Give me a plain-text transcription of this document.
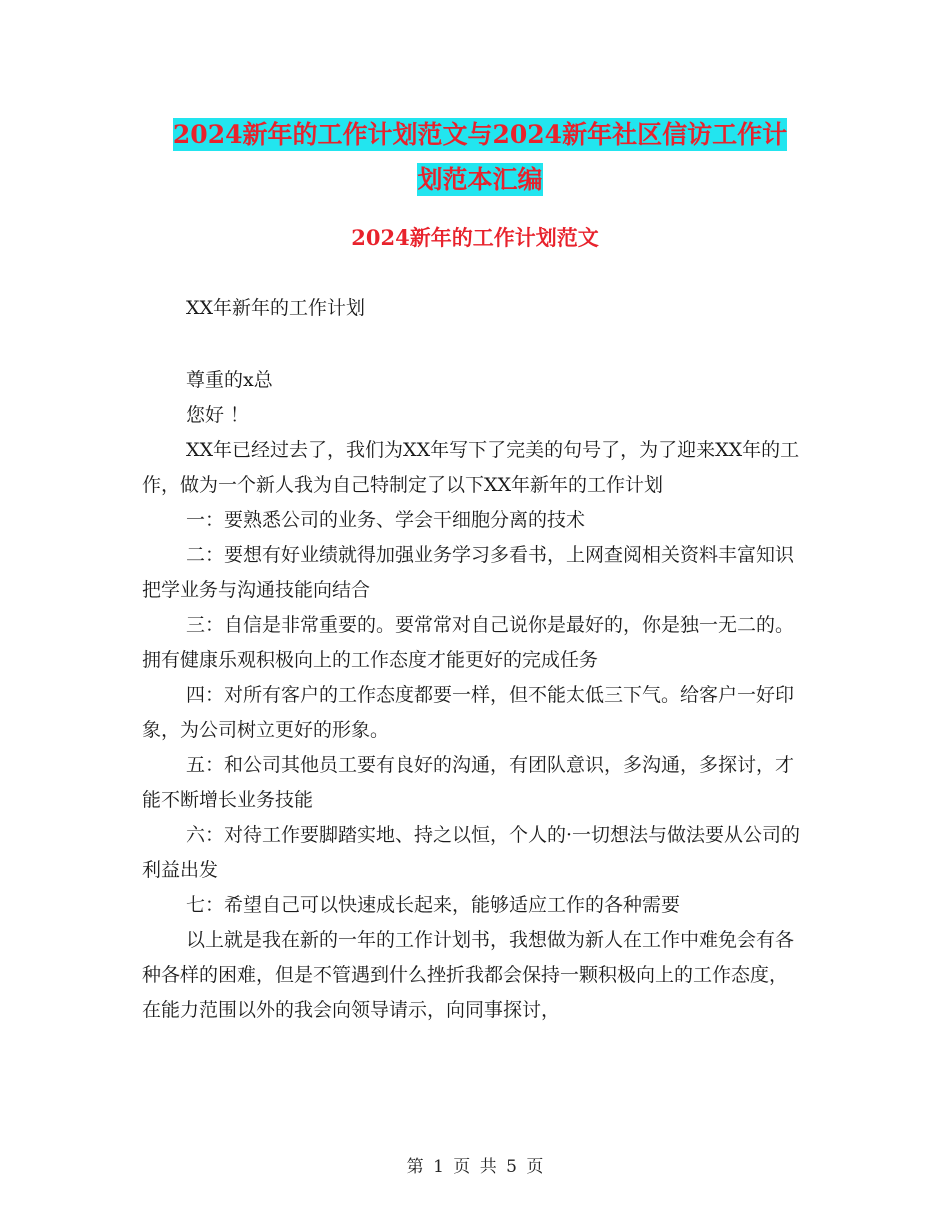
2024新年的工作计划范文与2024新年社区信访工作计
划范本汇编
2024新年的工作计划范文

XX年新年的工作计划

尊重的x总

您好 ！

XX年已经过去了，我们为XX年写下了完美的句号了，为了迎来XX年的工作，做为一个新人我为自己特制定了以下XX年新年的工作计划

一：要熟悉公司的业务、学会干细胞分离的技术

二：要想有好业绩就得加强业务学习多看书，上网查阅相关资料丰富知识把学业务与沟通技能向结合

三：自信是非常重要的。要常常对自己说你是最好的，你是独一无二的。拥有健康乐观积极向上的工作态度才能更好的完成任务

四：对所有客户的工作态度都要一样，但不能太低三下气。给客户一好印象，为公司树立更好的形象。

五：和公司其他员工要有良好的沟通，有团队意识，多沟通，多探讨，才能不断增长业务技能

六：对待工作要脚踏实地、持之以恒，个人的·一切想法与做法要从公司的利益出发

七：希望自己可以快速成长起来，能够适应工作的各种需要

以上就是我在新的一年的工作计划书，我想做为新人在工作中难免会有各种各样的困难，但是不管遇到什么挫折我都会保持一颗积极向上的工作态度，在能力范围以外的我会向领导请示，向同事探讨，

第 1 页 共 5 页
